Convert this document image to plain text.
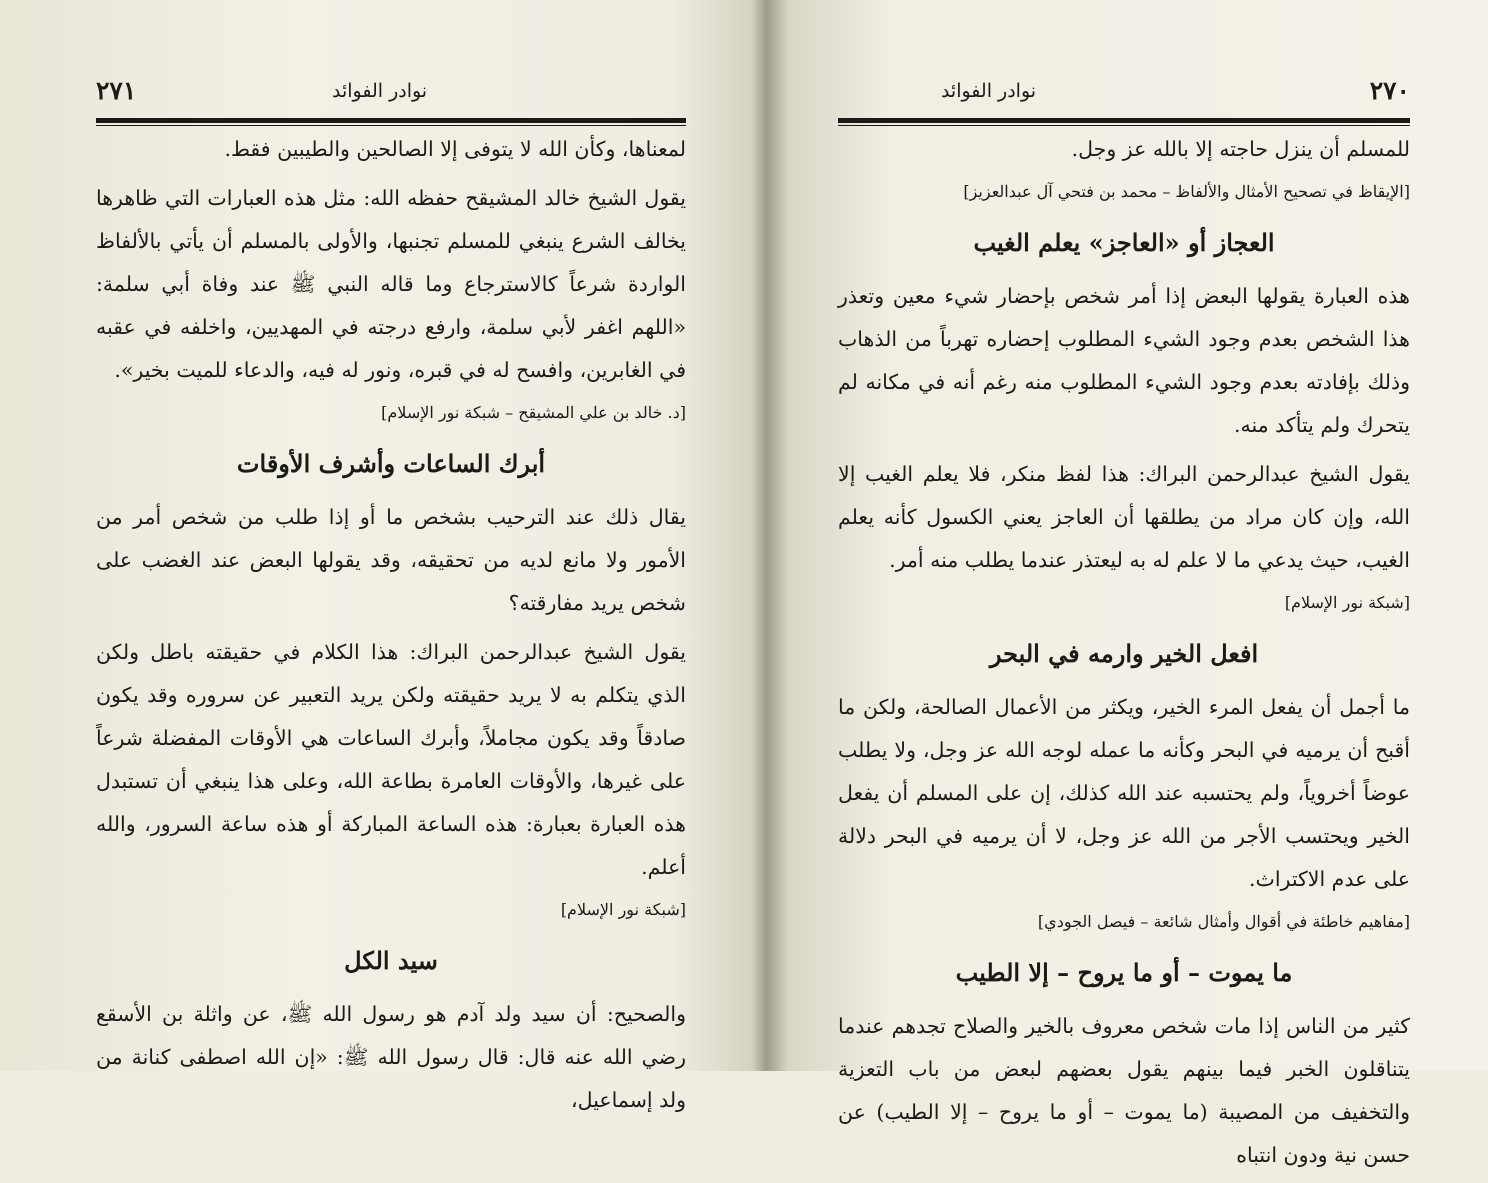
٢٧١	نوادر الفوائد

لمعناها، وكأن الله لا يتوفى إلا الصالحين والطيبين فقط.

يقول الشيخ خالد المشيقح حفظه الله: مثل هذه العبارات التي ظاهرها يخالف الشرع ينبغي للمسلم تجنبها، والأولى بالمسلم أن يأتي بالألفاظ الواردة شرعاً كالاسترجاع وما قاله النبي ﷺ عند وفاة أبي سلمة: «اللهم اغفر لأبي سلمة، وارفع درجته في المهديين، واخلفه في عقبه في الغابرين، وافسح له في قبره، ونور له فيه، والدعاء للميت بخير».

[د. خالد بن علي المشيقح – شبكة نور الإسلام]

أبرك الساعات وأشرف الأوقات

يقال ذلك عند الترحيب بشخص ما أو إذا طلب من شخص أمر من الأمور ولا مانع لديه من تحقيقه، وقد يقولها البعض عند الغضب على شخص يريد مفارقته؟

يقول الشيخ عبدالرحمن البراك: هذا الكلام في حقيقته باطل ولكن الذي يتكلم به لا يريد حقيقته ولكن يريد التعبير عن سروره وقد يكون صادقاً وقد يكون مجاملاً، وأبرك الساعات هي الأوقات المفضلة شرعاً على غيرها، والأوقات العامرة بطاعة الله، وعلى هذا ينبغي أن تستبدل هذه العبارة بعبارة: هذه الساعة المباركة أو هذه ساعة السرور، والله أعلم.

[شبكة نور الإسلام]

سيد الكل

والصحيح: أن سيد ولد آدم هو رسول الله ﷺ، عن واثلة بن الأسقع رضي الله عنه قال: قال رسول الله ﷺ: «إن الله اصطفى كنانة من ولد إسماعيل،

٢٧٠
نوادر الفوائد

للمسلم أن ينزل حاجته إلا بالله عز وجل.

[الإيقاظ في تصحيح الأمثال والألفاظ – محمد بن فتحي آل عبدالعزيز]

العجاز أو «العاجز» يعلم الغيب

هذه العبارة يقولها البعض إذا أمر شخص بإحضار شيء معين وتعذر هذا الشخص بعدم وجود الشيء المطلوب إحضاره تهرباً من الذهاب وذلك بإفادته بعدم وجود الشيء المطلوب منه رغم أنه في مكانه لم يتحرك ولم يتأكد منه.

يقول الشيخ عبدالرحمن البراك: هذا لفظ منكر، فلا يعلم الغيب إلا الله، وإن كان مراد من يطلقها أن العاجز يعني الكسول كأنه يعلم الغيب، حيث يدعي ما لا علم له به ليعتذر عندما يطلب منه أمر.

[شبكة نور الإسلام]

افعل الخير وارمه في البحر

ما أجمل أن يفعل المرء الخير، ويكثر من الأعمال الصالحة، ولكن ما أقبح أن يرميه في البحر وكأنه ما عمله لوجه الله عز وجل، ولا يطلب عوضاً أخروياً، ولم يحتسبه عند الله كذلك، إن على المسلم أن يفعل الخير ويحتسب الأجر من الله عز وجل، لا أن يرميه في البحر دلالة على عدم الاكتراث.

[مفاهيم خاطئة في أقوال وأمثال شائعة – فيصل الجودي]

ما يموت – أو ما يروح – إلا الطيب

كثير من الناس إذا مات شخص معروف بالخير والصلاح تجدهم عندما يتناقلون الخبر فيما بينهم يقول بعضهم لبعض من باب التعزية والتخفيف من المصيبة (ما يموت – أو ما يروح – إلا الطيب) عن حسن نية ودون انتباه
